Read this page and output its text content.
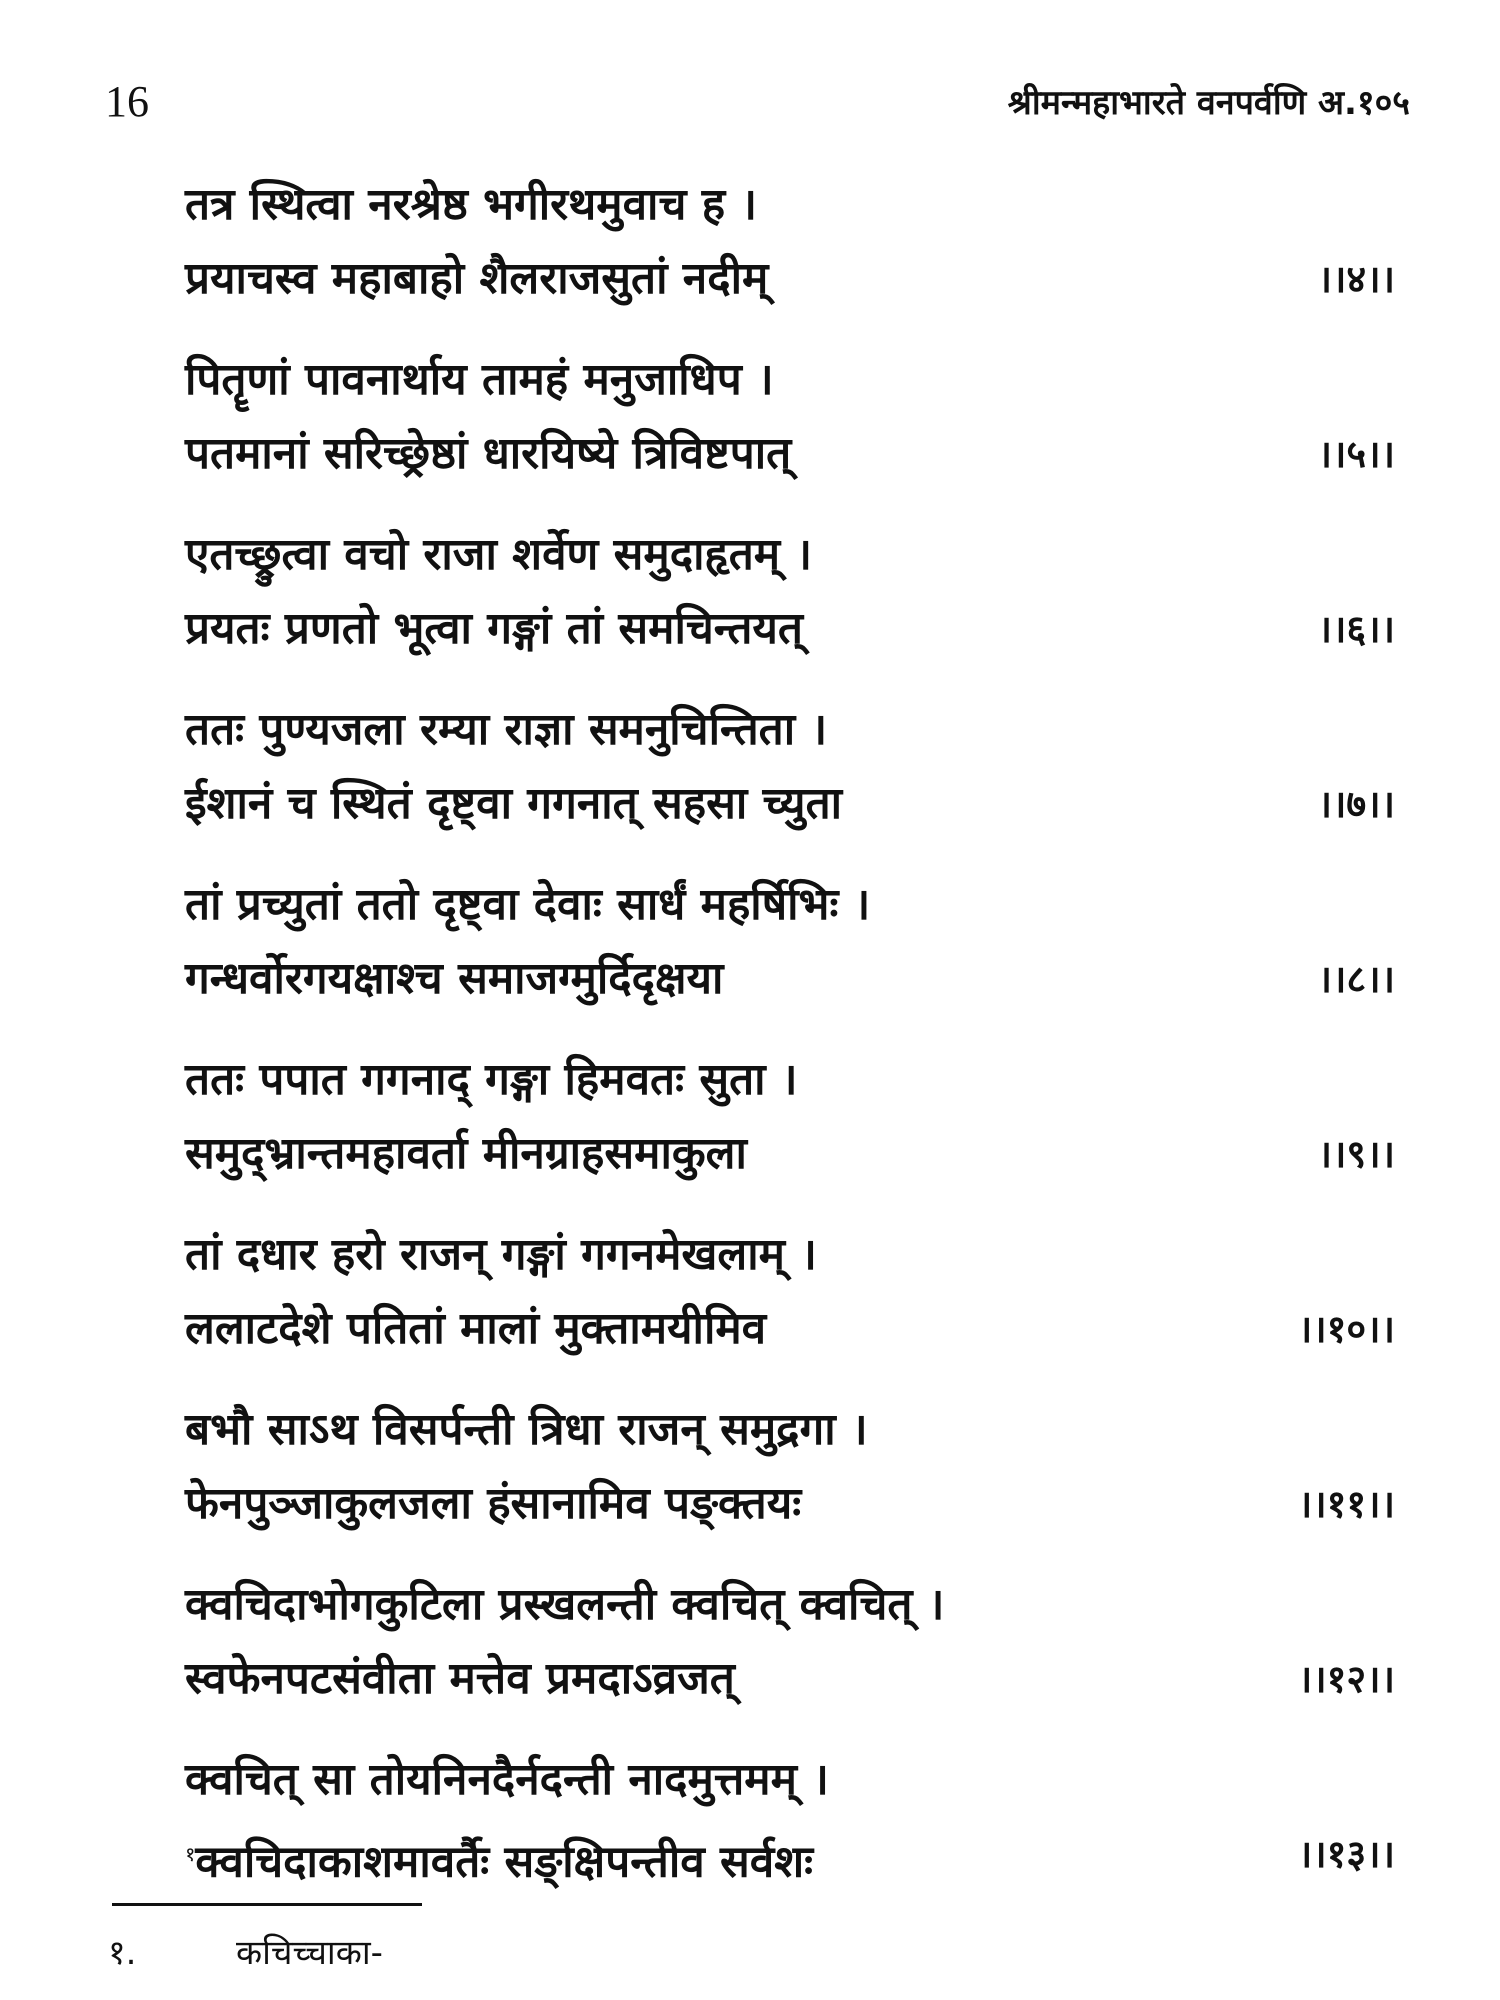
16	श्रीमन्महाभारते वनपर्वणि अ.१०५
तत्र स्थित्वा नरश्रेष्ठ भगीरथमुवाच ह ।
प्रयाचस्व महाबाहो शैलराजसुतां नदीम्	।।४।।
पितॄणां पावनार्थाय तामहं मनुजाधिप ।
पतमानां सरिच्छ्रेष्ठां धारयिष्ये त्रिविष्टपात्	।।५।।
एतच्छ्रुत्वा वचो राजा शर्वेण समुदाहृतम् ।
प्रयतः प्रणतो भूत्वा गङ्गां तां समचिन्तयत्	।।६।।
ततः पुण्यजला रम्या राज्ञा समनुचिन्तिता ।
ईशानं च स्थितं दृष्ट्वा गगनात् सहसा च्युता	।।७।।
तां प्रच्युतां ततो दृष्ट्वा देवाः सार्धं महर्षिभिः ।
गन्धर्वोरगयक्षाश्च समाजग्मुर्दिदृक्षया	।।८।।
ततः पपात गगनाद् गङ्गा हिमवतः सुता ।
समुद्भ्रान्तमहावर्ता मीनग्राहसमाकुला	।।९।।
तां दधार हरो राजन् गङ्गां गगनमेखलाम् ।
ललाटदेशे पतितां मालां मुक्तामयीमिव	।।१०।।
बभौ साऽथ विसर्पन्ती त्रिधा राजन् समुद्रगा ।
फेनपुञ्जाकुलजला हंसानामिव पङ्क्तयः	।।११।।
क्वचिदाभोगकुटिला प्रस्खलन्ती क्वचित् क्वचित् ।
स्वफेनपटसंवीता मत्तेव प्रमदाऽव्रजत्	।।१२।।
क्वचित् सा तोयनिनदैर्नदन्ती नादमुत्तमम् ।
$^१$क्वचिदाकाशमावर्तैः सङ्क्षिपन्तीव सर्वशः	।।१३।।
१.	कचिच्चाका-
